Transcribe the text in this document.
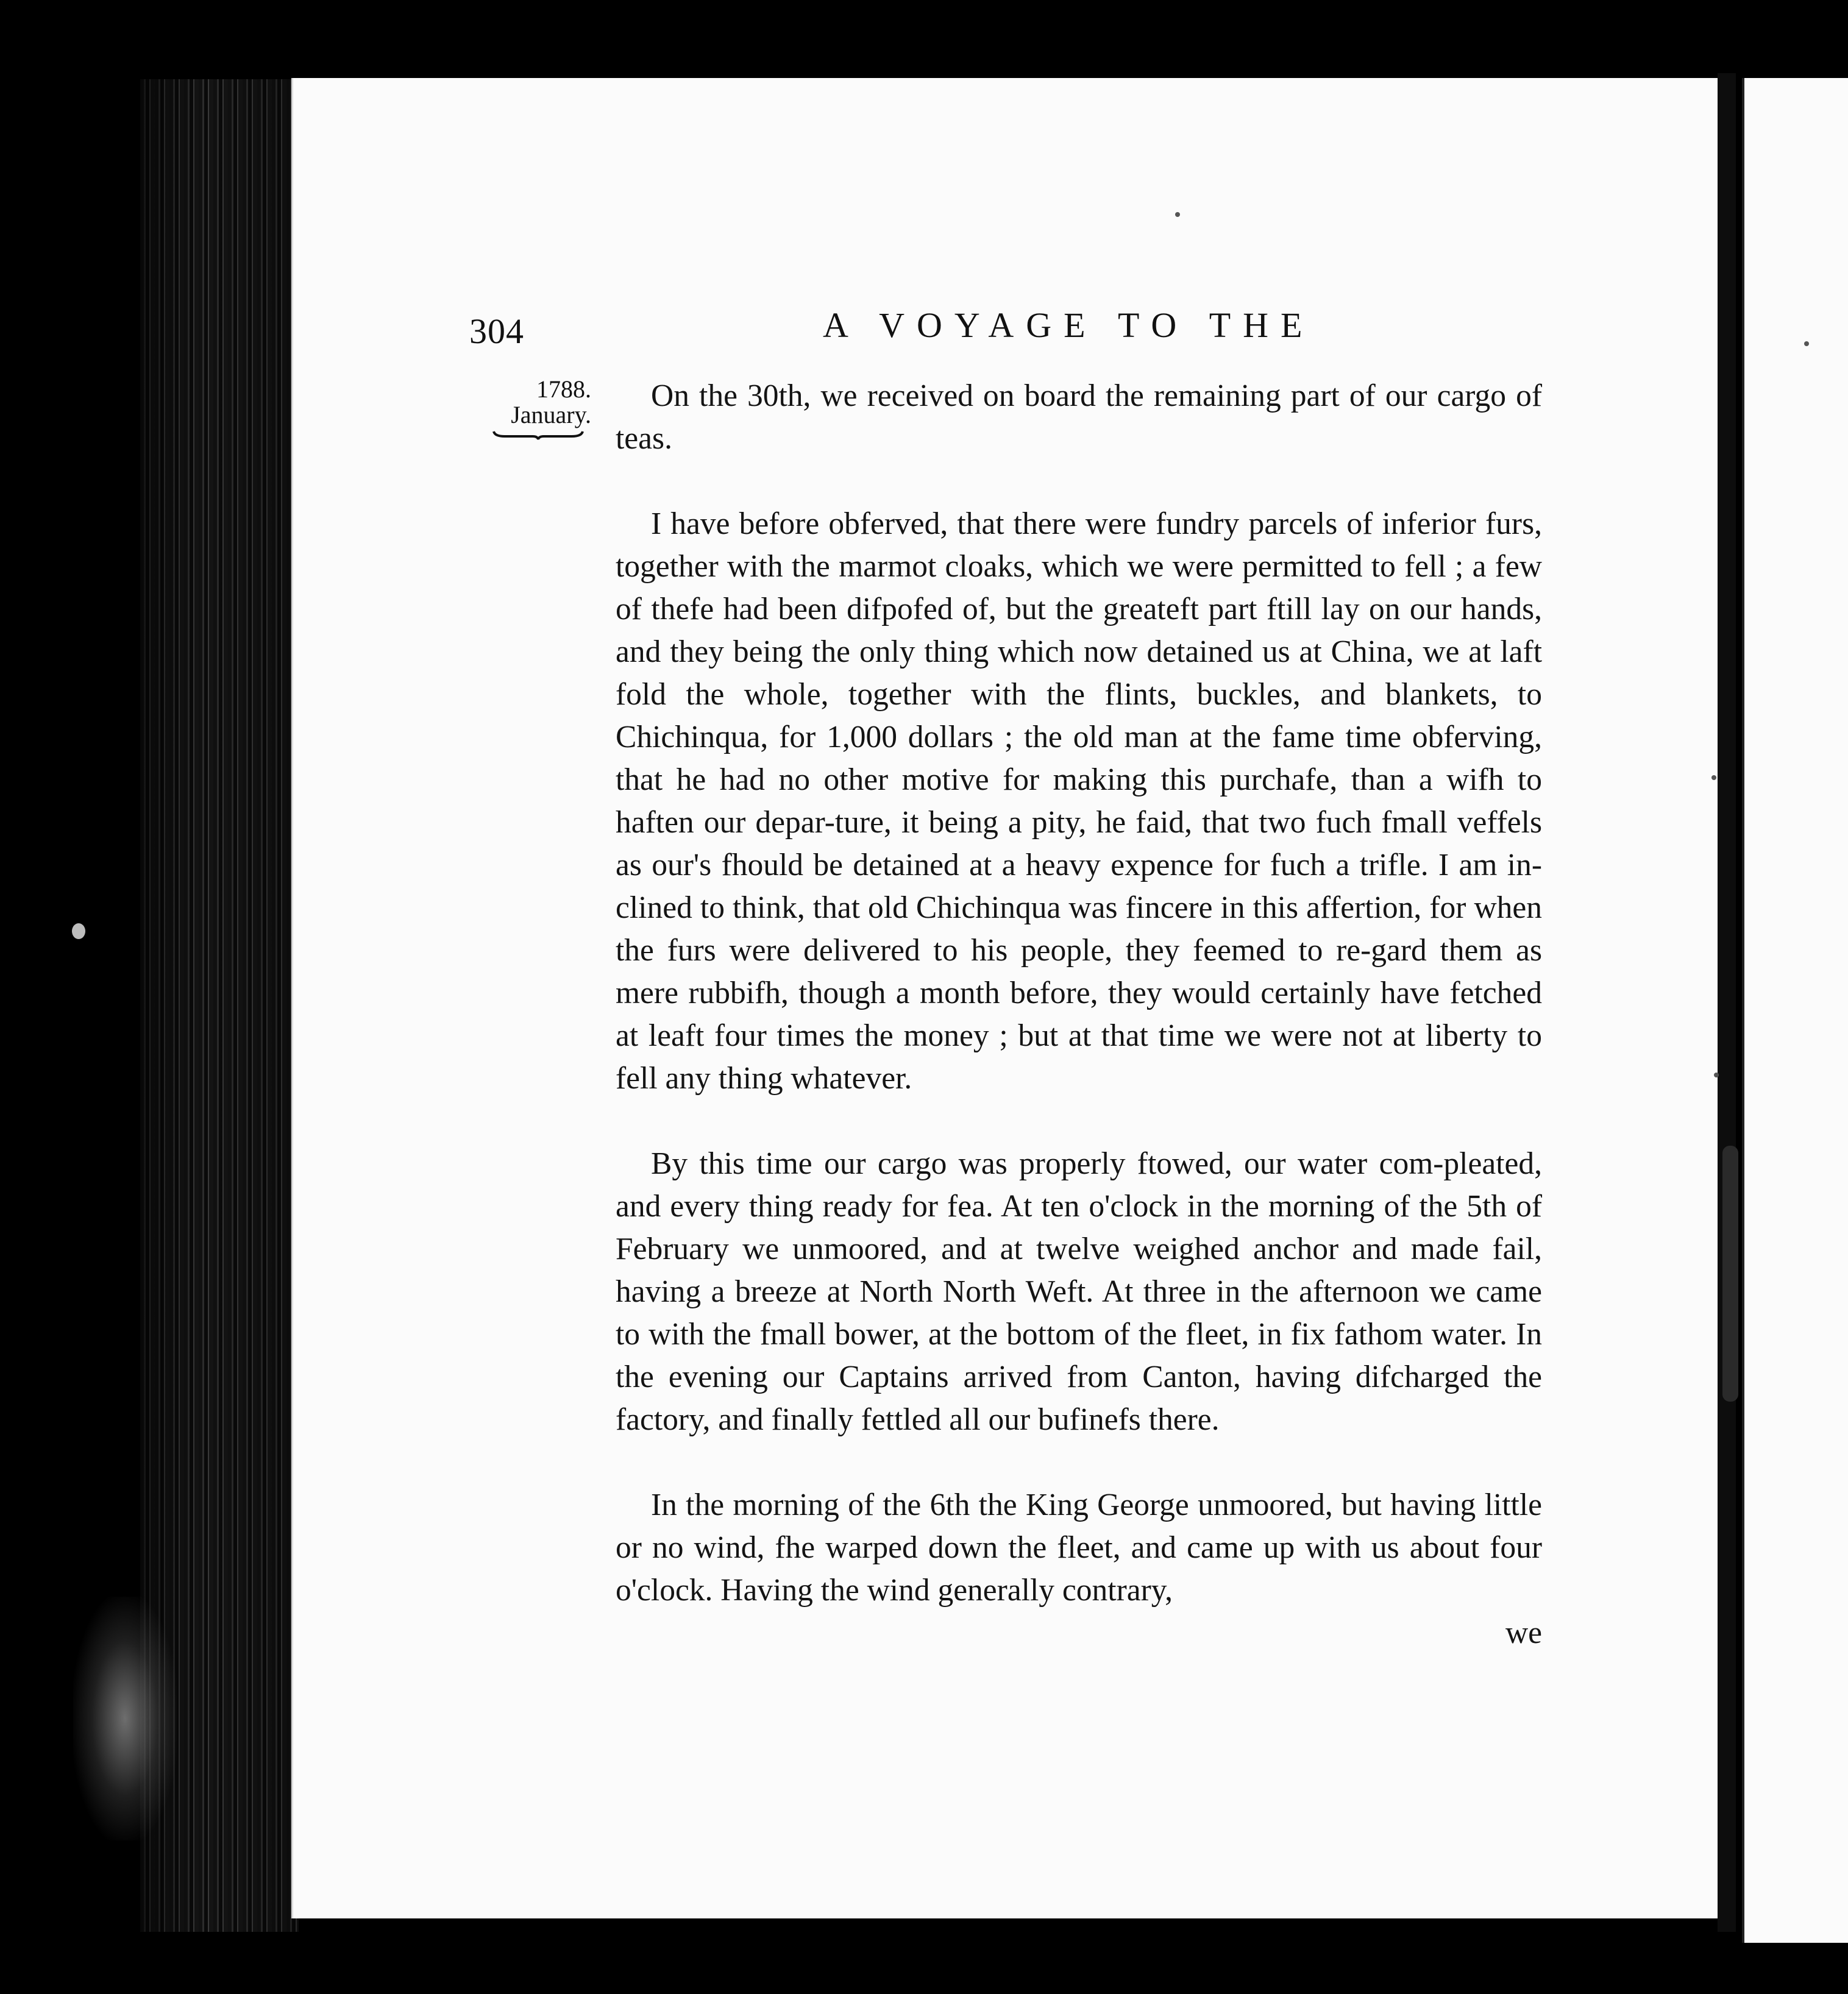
304	A VOYAGE TO THE
1788.
January.

On the 30th, we received on board the remaining part of our cargo of teas.

I have before obferved, that there were fundry parcels of inferior furs, together with the marmot cloaks, which we were permitted to fell ; a few of thefe had been difpofed of, but the greateft part ftill lay on our hands, and they being the only thing which now detained us at China, we at laft fold the whole, together with the flints, buckles, and blankets, to Chichinqua, for 1,000 dollars ; the old man at the fame time obferving, that he had no other motive for making this purchafe, than a wifh to haften our depar-ture, it being a pity, he faid, that two fuch fmall veffels as our's fhould be detained at a heavy expence for fuch a trifle. I am in-clined to think, that old Chichinqua was fincere in this affertion, for when the furs were delivered to his people, they feemed to re-gard them as mere rubbifh, though a month before, they would certainly have fetched at leaft four times the money ; but at that time we were not at liberty to fell any thing whatever.

By this time our cargo was properly ftowed, our water com-pleated, and every thing ready for fea. At ten o'clock in the morning of the 5th of February we unmoored, and at twelve weighed anchor and made fail, having a breeze at North North Weft. At three in the afternoon we came to with the fmall bower, at the bottom of the fleet, in fix fathom water. In the evening our Captains arrived from Canton, having difcharged the factory, and finally fettled all our bufinefs there.

In the morning of the 6th the King George unmoored, but having little or no wind, fhe warped down the fleet, and came up with us about four o'clock. Having the wind generally contrary,

we
